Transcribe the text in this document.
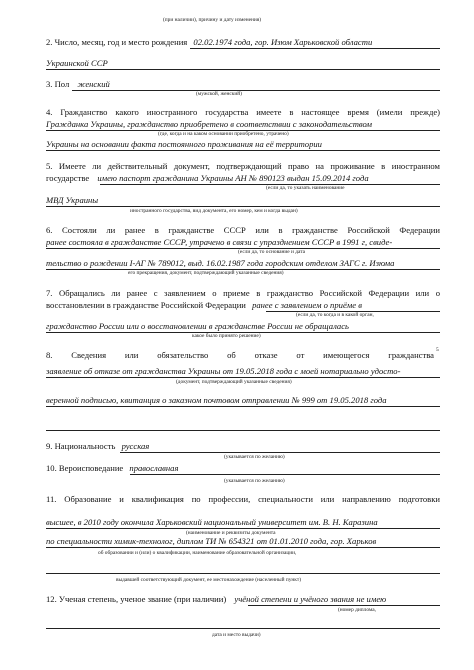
(при наличии), причину и дату изменения)
2. Число, месяц, год и место рождения 02.02.1974 года, гор. Изюм Харьковской области
Украинской ССР
3. Пол женский
(мужской, женский)
4. Гражданство какого иностранного государства имеете в настоящее время (имели прежде)
Гражданка Украины, гражданство приобретено в соответствии с законодательством
(где, когда и на каком основании приобретено, утрачено)
Украины на основании факта постоянного проживания на её территории
5. Имеете ли действительный документ, подтверждающий право на проживание в иностранном
государстве имею паспорт гражданина Украины АН № 890123 выдан 15.09.2014 года
(если да, то указать наименование
МВД Украины
иностранного государства, вид документа, его номер, кем и когда выдан)
6. Состояли ли ранее в гражданстве СССР или в гражданстве Российской Федерации
ранее состояла в гражданстве СССР, утрачено в связи с упразднением СССР в 1991 г, свиде-
(если да, то основание и дата
тельство о рождении I-АГ № 789012, выд. 16.02.1987 года городским отделом ЗАГС г. Изюма
его прекращения, документ, подтверждающий указанные сведения)
7. Обращались ли ранее с заявлением о приеме в гражданство Российской Федерации или о
восстановлении в гражданстве Российской Федерации ранее с заявлением о приёме в
(если да, то когда и в какой орган,
гражданство России или о восстановлении в гражданстве России не обращалась
какое было принято решение)
8. Сведения или обязательство об отказе от имеющегося гражданства 5
заявление об отказе от гражданства Украины от 19.05.2018 года с моей нотариально удосто-
(документ, подтверждающий указанные сведения)
веренной подписью, квитанция о заказном почтовом отправлении № 999 от 19.05.2018 года
9. Национальность русская
(указывается по желанию)
10. Вероисповедание православная
(указывается по желанию)
11. Образование и квалификация по профессии, специальности или направлению подготовки
высшее, в 2010 году окончила Харьковский национальный университет им. В. Н. Каразина
(наименование и реквизиты документа
по специальности химик-технолог, диплом ТИ № 654321 от 01.01.2010 года, гор. Харьков
об образовании и (или) о квалификации, наименование образовательной организации,
выдавшей соответствующий документ, ее местонахождение (населенный пункт)
12. Ученая степень, ученое звание (при наличии) учёной степени и учёного звания не имею
(номер диплома,
дата и место выдачи)
